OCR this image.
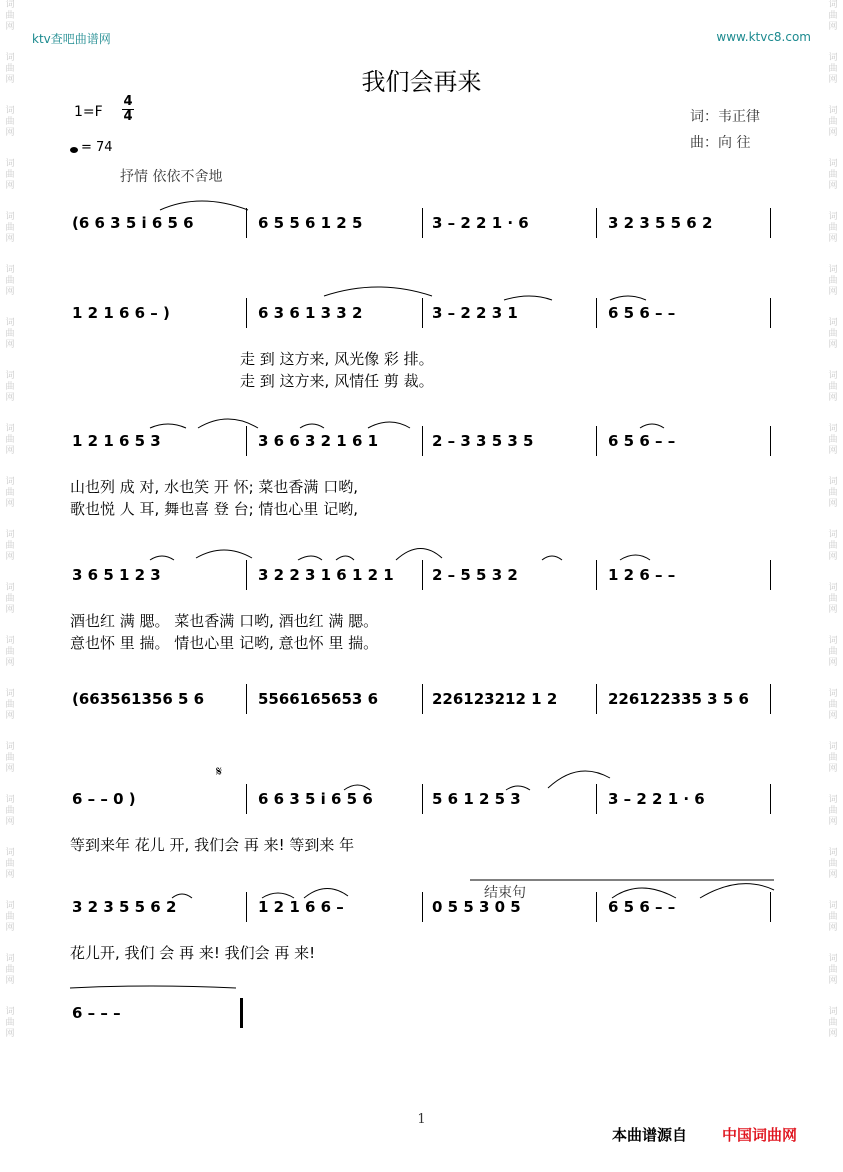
词
曲
网
词
曲
网
词
曲
网
词
曲
网
词
曲
网
词
曲
网
词
曲
网
词
曲
网
词
曲
网
词
曲
网
词
曲
网
词
曲
网
词
曲
网
词
曲
网
词
曲
网
词
曲
网
词
曲
网
词
曲
网
词
曲
网
词
曲
网
词
曲
网
词
曲
网
词
曲
网
词
曲
网
词
曲
网
词
曲
网
词
曲
网
词
曲
网
词
曲
网
词
曲
网
词
曲
网
词
曲
网
词
曲
网
词
曲
网
词
曲
网
词
曲
网
词
曲
网
词
曲
网
词
曲
网
词
曲
网
ktv查吧曲谱网	www.ktvc8.com
我们会再来
1=F
4
4
= 74
抒情 依依不舍地
词：韦正律
曲：向 往
𝄋
结束句
(6 6 3 5 i 6 5 6	6 5 5 6 1 2 5	3 – 2 2 1 · 6	3 2 3 5 5 6 2
1 2 1 6 6 – )	6 3 6 1 3 3 2	3 – 2 2 3 1	6 5 6 – –
走 到 这方来, 风光像 彩 排。
走 到 这方来, 风情任 剪 裁。
1 2 1 6 5 3	3 6 6 3 2 1 6 1	2 – 3 3 5 3 5	6 5 6 – –
山也列 成 对, 水也笑 开 怀; 菜也香满 口哟,
歌也悦 人 耳, 舞也喜 登 台; 情也心里 记哟,
3 6 5 1 2 3	3 2 2 3 1 6 1 2 1	2 – 5 5 3 2	1 2 6 – –
酒也红 满 腮。 菜也香满 口哟, 酒也红 满 腮。
意也怀 里 揣。 情也心里 记哟, 意也怀 里 揣。
(663561356 5 6	5566165653 6	226123212 1 2	226122335 3 5 6
6 – – 0 )	6 6 3 5 i 6 5 6	5 6 1 2 5 3	3 – 2 2 1 · 6
等到来年 花儿 开, 我们会 再 来! 等到来 年
3 2 3 5 5 6 2	1 2 1 6 6 –	0 5 5 3 0 5	6 5 6 – –
花儿开, 我们 会 再 来! 我们会 再 来!
6 – – –
1
本曲谱源自 中国词曲网
